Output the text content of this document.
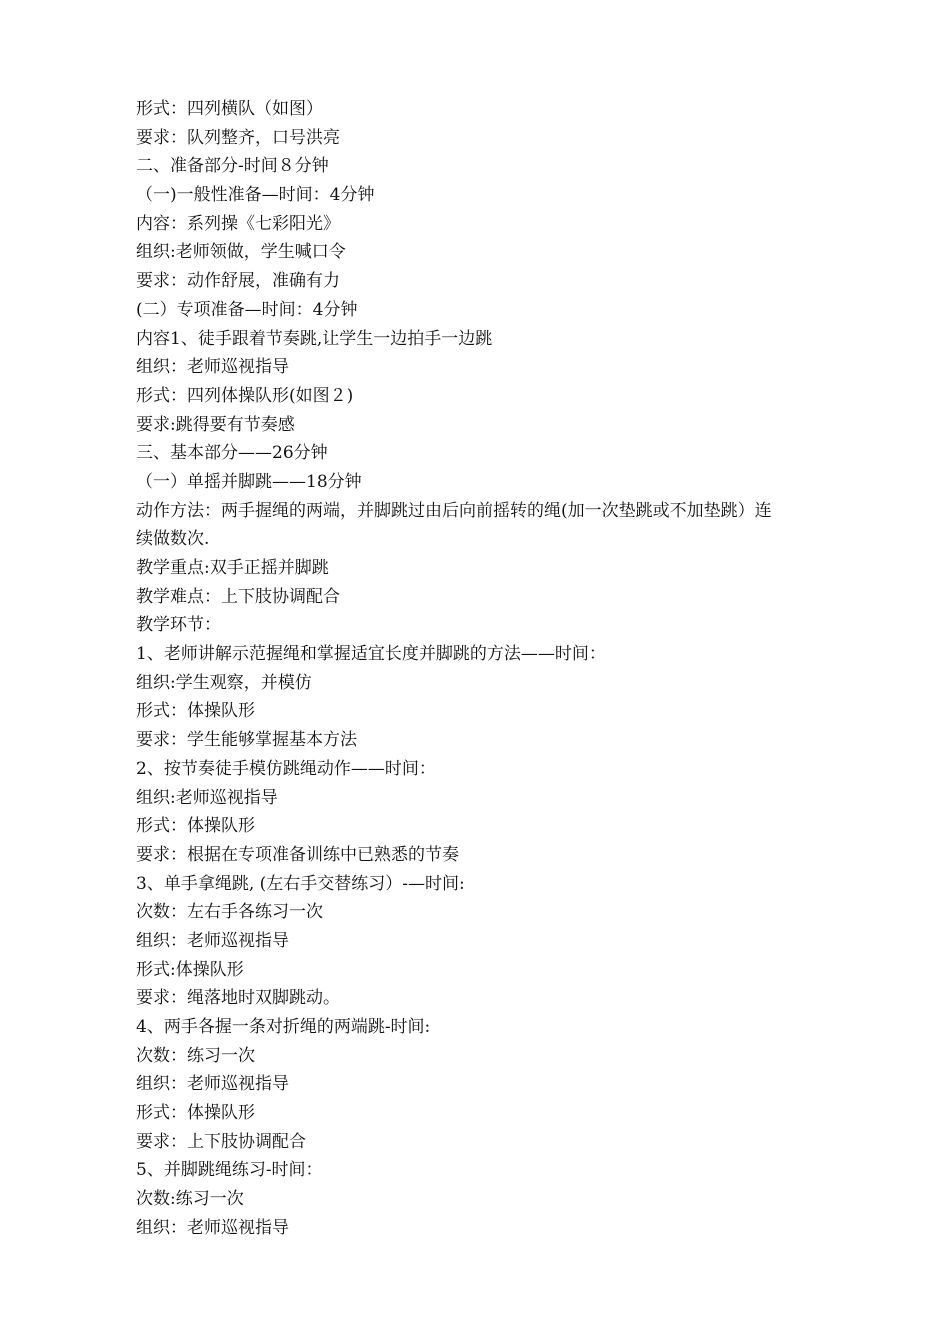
形式：四列横队（如图）
要求：队列整齐，口号洪亮
二、准备部分-时间８分钟
（一)一般性准备—时间：4分钟
内容：系列操《七彩阳光》
组织:老师领做，学生喊口令
要求：动作舒展，准确有力
(二）专项准备—时间：4分钟
内容1、徒手跟着节奏跳,让学生一边拍手一边跳
组织：老师巡视指导
形式：四列体操队形(如图２)
要求:跳得要有节奏感
三、基本部分——26分钟
（一）单摇并脚跳——18分钟
动作方法：两手握绳的两端，并脚跳过由后向前摇转的绳(加一次垫跳或不加垫跳）连
续做数次.
教学重点:双手正摇并脚跳
教学难点：上下肢协调配合
教学环节：
1、老师讲解示范握绳和掌握适宜长度并脚跳的方法——时间：
组织:学生观察，并模仿
形式：体操队形
要求：学生能够掌握基本方法
2、按节奏徒手模仿跳绳动作——时间：
组织:老师巡视指导
形式：体操队形
要求：根据在专项准备训练中已熟悉的节奏
3、单手拿绳跳, (左右手交替练习）-—时间:
次数：左右手各练习一次
组织：老师巡视指导
形式:体操队形
要求：绳落地时双脚跳动。
4、两手各握一条对折绳的两端跳-时间:
次数：练习一次
组织：老师巡视指导
形式：体操队形
要求：上下肢协调配合
5、并脚跳绳练习-时间：
次数:练习一次
组织：老师巡视指导
